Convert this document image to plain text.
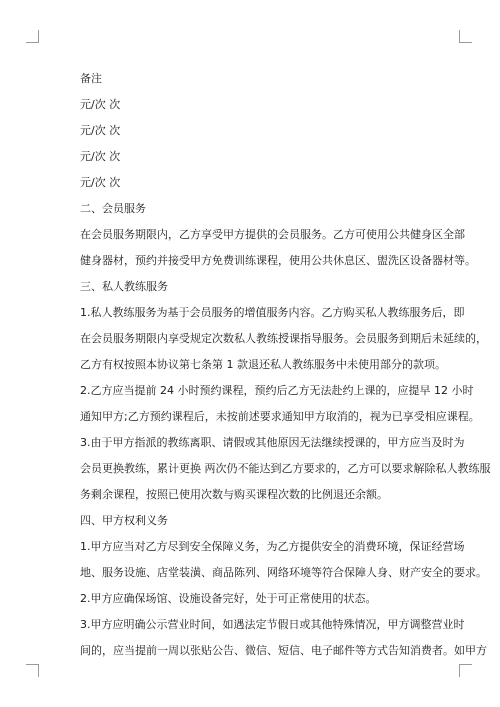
备注
元/次 次
元/次 次
元/次 次
元/次 次
二、会员服务
在会员服务期限内，乙方享受甲方提供的会员服务。乙方可使用公共健身区全部
健身器材，预约并接受甲方免费训练课程，使用公共休息区、盥洗区设备器材等。
三、私人教练服务
1.私人教练服务为基于会员服务的增值服务内容。乙方购买私人教练服务后，即
在会员服务期限内享受规定次数私人教练授课指导服务。会员服务到期后未延续的，
乙方有权按照本协议第七条第 1 款退还私人教练服务中未使用部分的款项。
2.乙方应当提前 24 小时预约课程，预约后乙方无法赴约上课的，应提早 12 小时
通知甲方;乙方预约课程后，未按前述要求通知甲方取消的，视为已享受相应课程。
3.由于甲方指派的教练离职、请假或其他原因无法继续授课的，甲方应当及时为
会员更换教练，累计更换 两次仍不能达到乙方要求的，乙方可以要求解除私人教练服
务剩余课程，按照已使用次数与购买课程次数的比例退还余额。
四、甲方权利义务
1.甲方应当对乙方尽到安全保障义务，为乙方提供安全的消费环境，保证经营场
地、服务设施、店堂装潢、商品陈列、网络环境等符合保障人身、财产安全的要求。
2.甲方应确保场馆、设施设备完好，处于可正常使用的状态。
3.甲方应明确公示营业时间，如遇法定节假日或其他特殊情况，甲方调整营业时
间的，应当提前一周以张贴公告、微信、短信、电子邮件等方式告知消费者。如甲方
